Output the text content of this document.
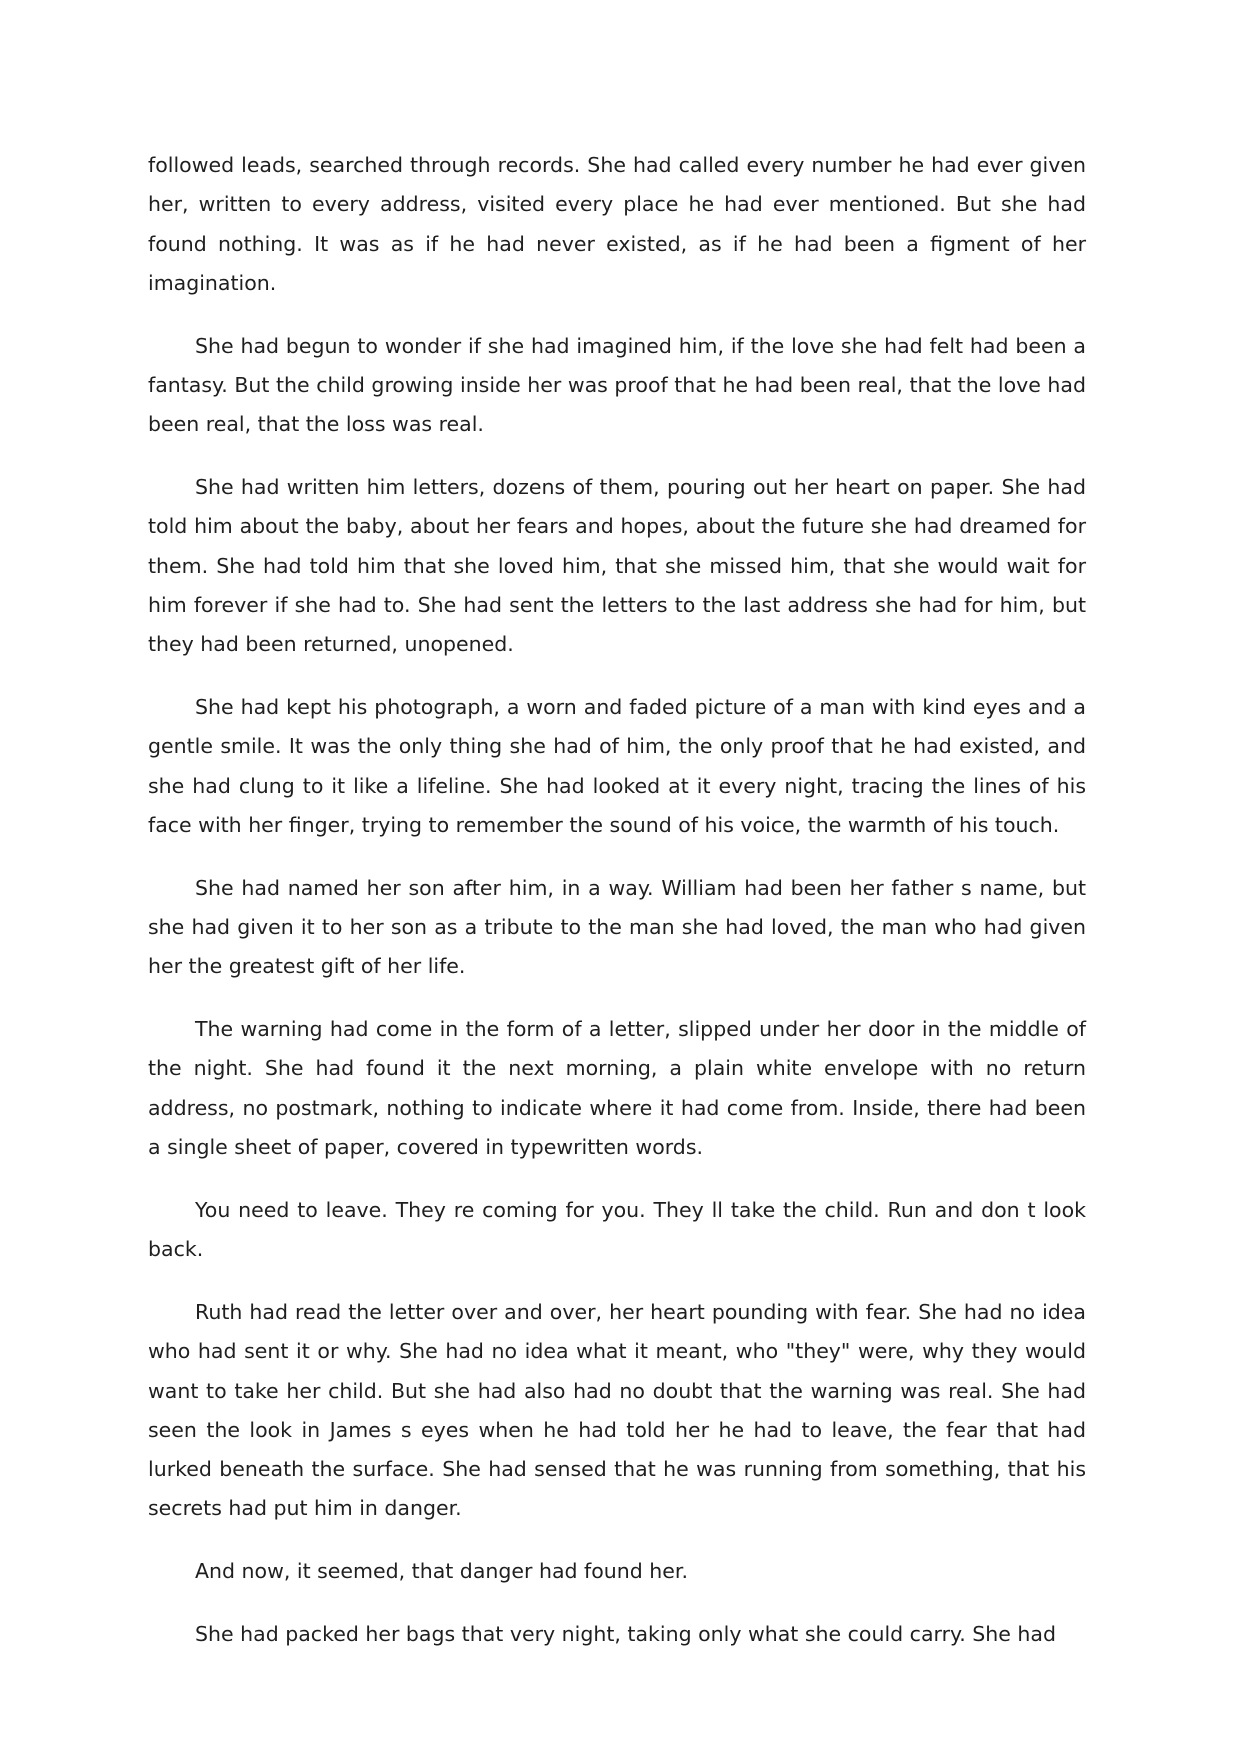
followed leads, searched through records. She had called every number he had ever given her, written to every address, visited every place he had ever mentioned. But she had found nothing. It was as if he had never existed, as if he had been a figment of her imagination.

She had begun to wonder if she had imagined him, if the love she had felt had been a fantasy. But the child growing inside her was proof that he had been real, that the love had been real, that the loss was real.

She had written him letters, dozens of them, pouring out her heart on paper. She had told him about the baby, about her fears and hopes, about the future she had dreamed for them. She had told him that she loved him, that she missed him, that she would wait for him forever if she had to. She had sent the letters to the last address she had for him, but they had been returned, unopened.

She had kept his photograph, a worn and faded picture of a man with kind eyes and a gentle smile. It was the only thing she had of him, the only proof that he had existed, and she had clung to it like a lifeline. She had looked at it every night, tracing the lines of his face with her finger, trying to remember the sound of his voice, the warmth of his touch.

She had named her son after him, in a way. William had been her father s name, but she had given it to her son as a tribute to the man she had loved, the man who had given her the greatest gift of her life.

The warning had come in the form of a letter, slipped under her door in the middle of the night. She had found it the next morning, a plain white envelope with no return address, no postmark, nothing to indicate where it had come from. Inside, there had been a single sheet of paper, covered in typewritten words.

You need to leave. They re coming for you. They ll take the child. Run and don t look back.

Ruth had read the letter over and over, her heart pounding with fear. She had no idea who had sent it or why. She had no idea what it meant, who "they" were, why they would want to take her child. But she had also had no doubt that the warning was real. She had seen the look in James s eyes when he had told her he had to leave, the fear that had lurked beneath the surface. She had sensed that he was running from something, that his secrets had put him in danger.

And now, it seemed, that danger had found her.

She had packed her bags that very night, taking only what she could carry. She had
